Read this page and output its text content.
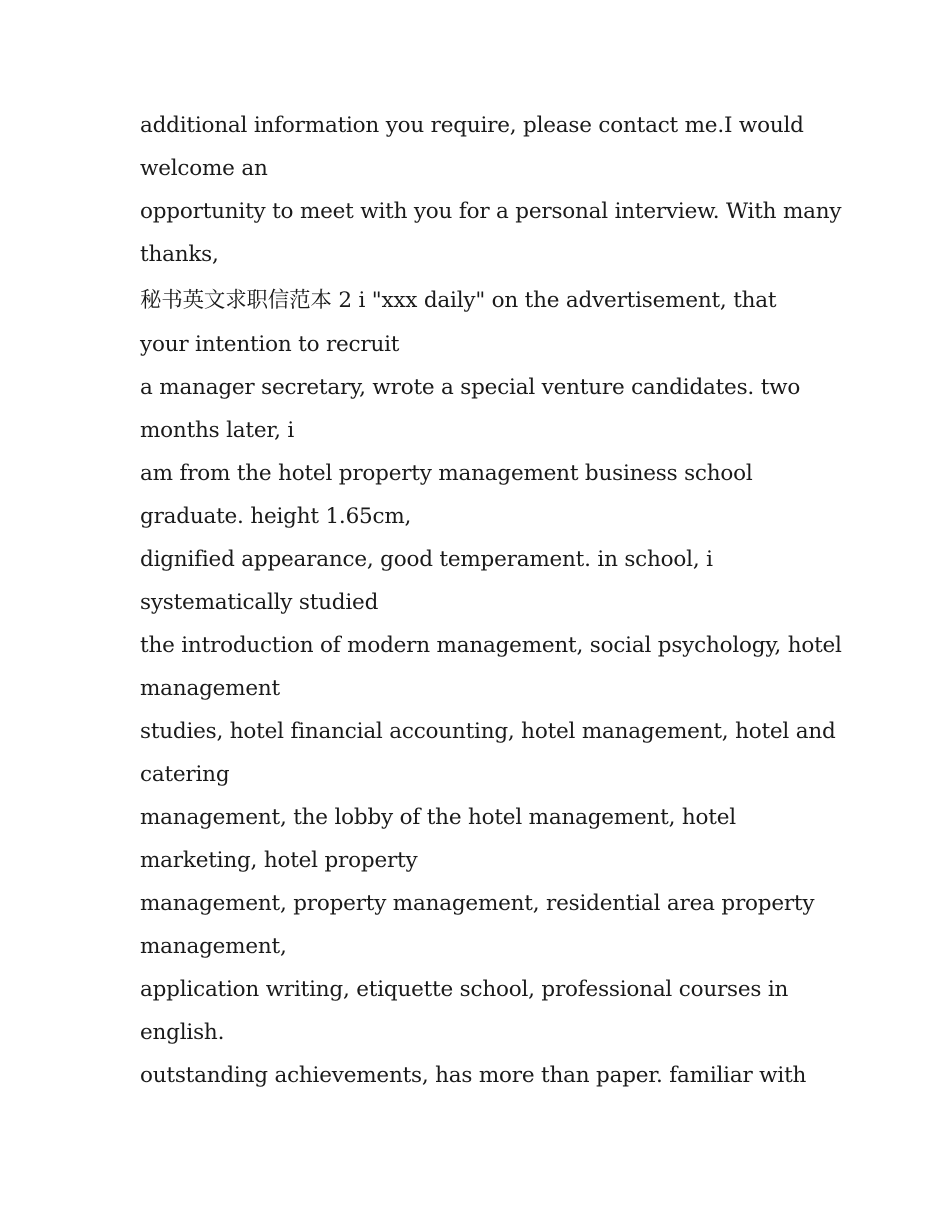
additional information you require, please contact me.I would
welcome an
opportunity to meet with you for a personal interview. With many
thanks,
秘书英文求职信范本 2 i "xxx daily" on the advertisement, that
your intention to recruit
a manager secretary, wrote a special venture candidates. two
months later, i
am from the hotel property management business school
graduate. height 1.65cm,
dignified appearance, good temperament. in school, i
systematically studied
the introduction of modern management, social psychology, hotel
management
studies, hotel financial accounting, hotel management, hotel and
catering
management, the lobby of the hotel management, hotel
marketing, hotel property
management, property management, residential area property
management,
application writing, etiquette school, professional courses in
english.
outstanding achievements, has more than paper. familiar with
